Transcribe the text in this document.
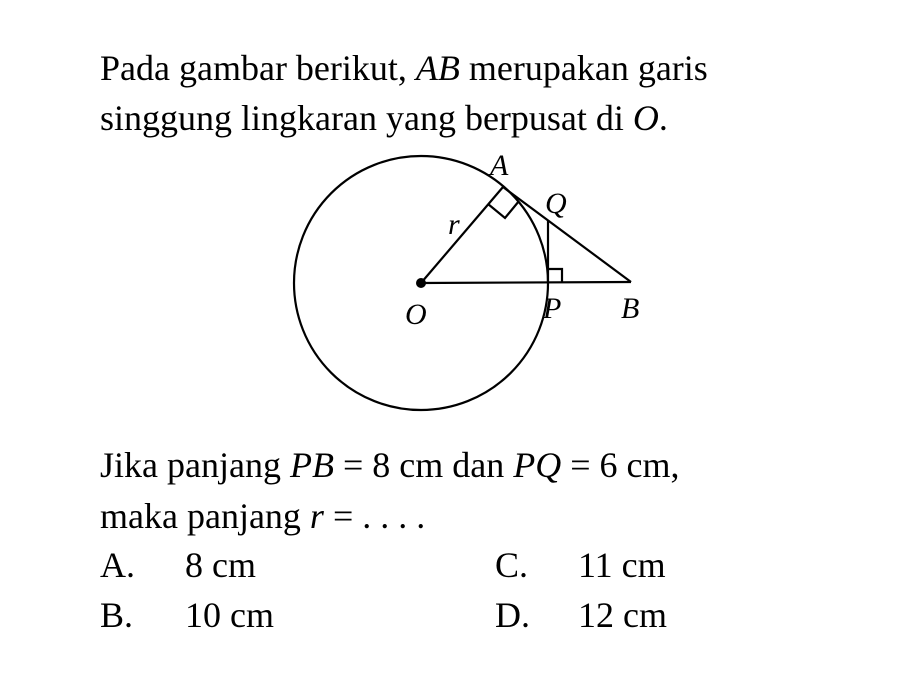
Pada gambar berikut, AB merupakan garis
singgung lingkaran yang berpusat di O.
A
Q
r
O	P B
Jika panjang PB = 8 cm dan PQ = 6 cm,
maka panjang r = . . . .
A. 8 cm
B. 10 cm
C. 11 cm
D. 12 cm
